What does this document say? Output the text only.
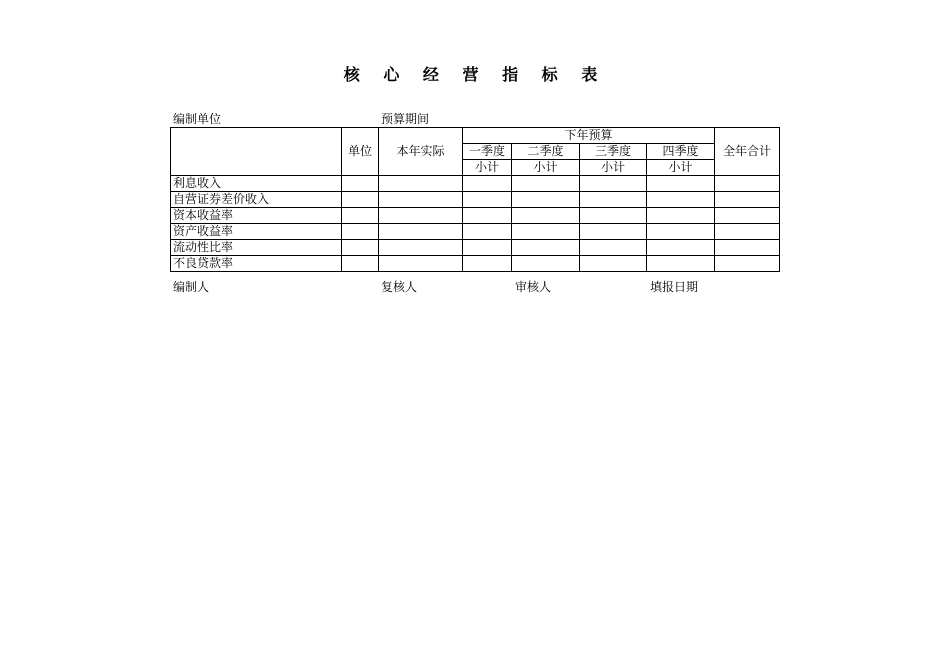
核 心 经 营 指 标 表
编制单位	预算期间
	单位	本年实际	下年预算				全年合计
			一季度	二季度	三季度	四季度	
			小计	小计	小计	小计	
利息收入							
自营证券差价收入							
资本收益率							
资产收益率							
流动性比率							
不良贷款率							
编制人	复核人	审核人	填报日期
